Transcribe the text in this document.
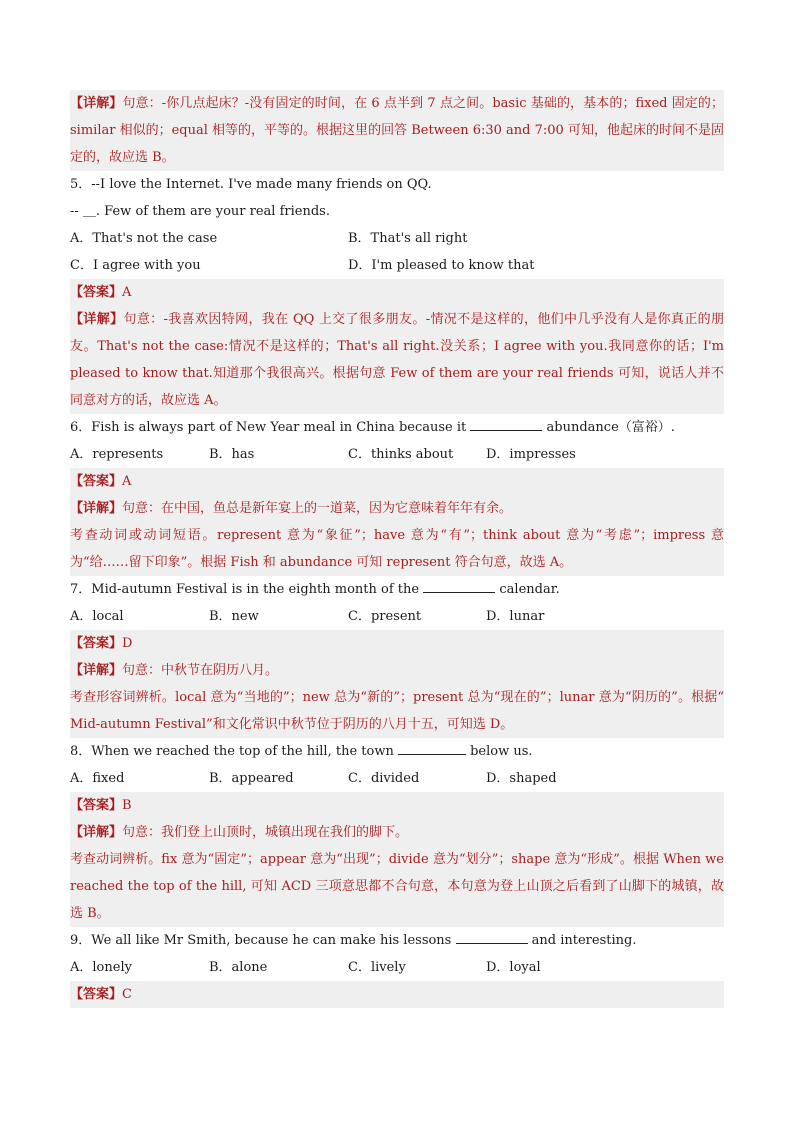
【详解】句意：-你几点起床？-没有固定的时间，在 6 点半到 7 点之间。basic 基础的，基本的；fixed 固定的；similar 相似的；equal 相等的，平等的。根据这里的回答 Between 6:30 and 7:00 可知，他起床的时间不是固定的，故应选 B。
5．--I love the Internet. I've made many friends on QQ.
-- ＿. Few of them are your real friends.
A．That's not the case	B．That's all right
C．I agree with you	D．I'm pleased to know that
【答案】A
【详解】句意：-我喜欢因特网，我在 QQ 上交了很多朋友。-情况不是这样的，他们中几乎没有人是你真正的朋友。That's not the case:情况不是这样的；That's all right.没关系；I agree with you.我同意你的话；I'm pleased to know that.知道那个我很高兴。根据句意 Few of them are your real friends 可知，说话人并不同意对方的话，故应选 A。
6．Fish is always part of New Year meal in China because it	abundance（富裕）.
A．represents	B．has	C．thinks about	D．impresses
【答案】A
【详解】句意：在中国，鱼总是新年宴上的一道菜，因为它意味着年年有余。
考查动词或动词短语。represent 意为“象征”；have 意为“有”；think about 意为“考虑”；impress 意为“给……留下印象”。根据 Fish 和 abundance 可知 represent 符合句意，故选 A。
7．Mid-autumn Festival is in the eighth month of the	calendar.
A．local	B．new	C．present	D．lunar
【答案】D
【详解】句意：中秋节在阴历八月。
考查形容词辨析。local 意为“当地的”；new 总为“新的”；present 总为“现在的”；lunar 意为“阴历的”。根据“ Mid-autumn Festival”和文化常识中秋节位于阴历的八月十五，可知选 D。
8．When we reached the top of the hill, the town	below us.
A．fixed	B．appeared	C．divided	D．shaped
【答案】B
【详解】句意：我们登上山顶时，城镇出现在我们的脚下。
考查动词辨析。fix 意为“固定”；appear 意为“出现”；divide 意为“划分”；shape 意为“形成”。根据 When we reached the top of the hill, 可知 ACD 三项意思都不合句意，本句意为登上山顶之后看到了山脚下的城镇，故选 B。
9．We all like Mr Smith, because he can make his lessons	and interesting.
A．lonely	B．alone	C．lively	D．loyal
【答案】C
